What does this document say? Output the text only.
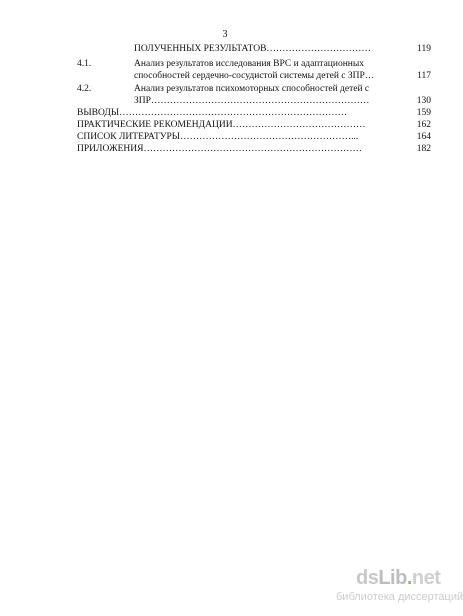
3
ПОЛУЧЕННЫХ РЕЗУЛЬТАТОВ……………………………	119
4.1.	Анализ результатов исследования ВРС и адаптационных
способностей сердечно-сосудистой системы детей с ЗПР…	117
4.2.	Анализ результатов психомоторных способностей детей с
ЗПР……………………………………………………………	130
ВЫВОДЫ………………………………………………………………	159
ПРАКТИЧЕСКИЕ РЕКОМЕНДАЦИИ……………………………………	162
СПИСОК ЛИТЕРАТУРЫ………………………………………………...	164
ПРИЛОЖЕНИЯ……………………………………………………………	182
dsLib.net
библиотека диссертаций
